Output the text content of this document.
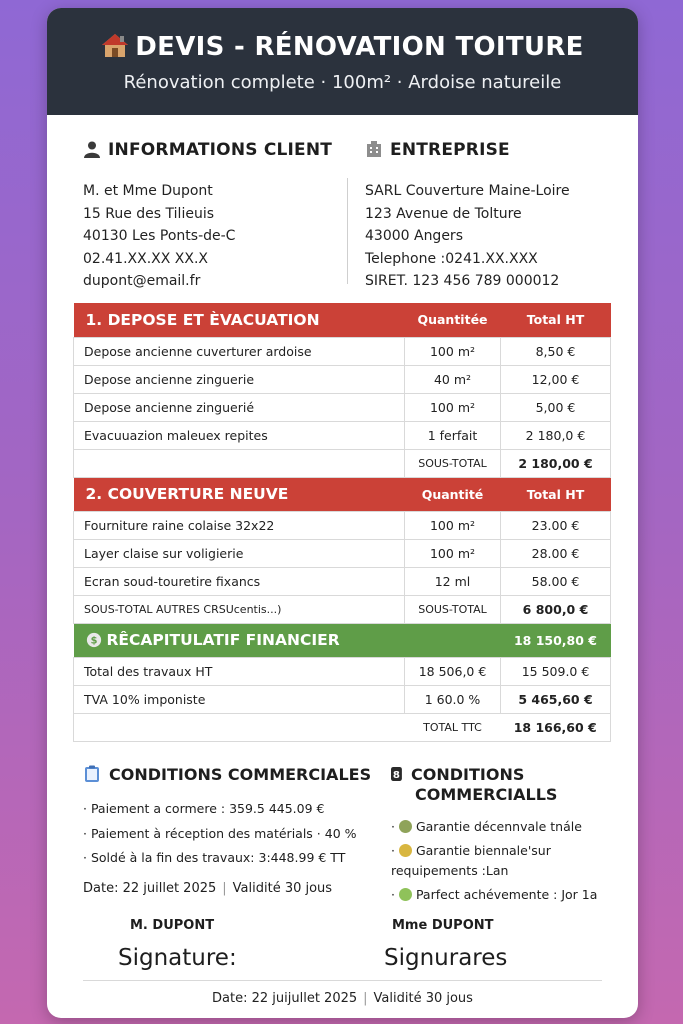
DEVIS - RÉNOVATION TOITURE
Rénovation complete · 100m² · Ardoise natureile
INFORMATIONS CLIENT
M. et Mme Dupont
15 Rue des Tilieuis
40130 Les Ponts-de-C
02.41.XX.XX XX.X
dupont@email.fr
ENTREPRISE
SARL Couverture Maine-Loire
123 Avenue de Tolture
43000 Angers
Telephone :0241.XX.XXX
SIRET. 123 456 789 000012
1. DEPOSE ET ÈVACUATION	Quantitée	Total HT
Depose ancienne cuverturer ardoise	100 m²	8,50 €
Depose ancienne zinguerie	40 m²	12,00 €
Depose ancienne zinguerié	100 m²	5,00 €
Evacuuazion maleuex repites	1 ferfait	2 180,0 €
	SOUS-TOTAL	2 180,00 €
2. COUVERTURE NEUVE	Quantité	Total HT
Fourniture raine colaise 32x22	100 m²	23.00 €
Layer claise sur voligierie	100 m²	28.00 €
Ecran soud-touretire fixancs	12 ml	58.00 €
SOUS-TOTAL AUTRES CRSUcentis...)	SOUS-TOTAL	6 800,0 €

$ RÊCAPITULATIF FINANCIER		18 150,80 €
Total des travaux HT	18 506,0 €	15 509.0 €
TVA 10% imponiste	1 60.0 %	5 465,60 €
	TOTAL TTC	18 166,60 €
CONDITIONS COMMERCIALES
· Paiement a cormere : 359.5 445.09 €
· Paiement à réception des matérials · 40 %
· Soldé à la fin des travaux: 3:448.99 € TT
Date: 22 juillet 2025 | Validité 30 jous
8 CONDITIONS
COMMERCIALLS
· Garantie décennvale tnále
· Garantie biennale'sur requipements :Lan
· Parfect achévemente : Jor 1a
M. DUPONT
Signature:
Mme DUPONT
Signurares
Date: 22 juijullet 2025 | Validité 30 jous
